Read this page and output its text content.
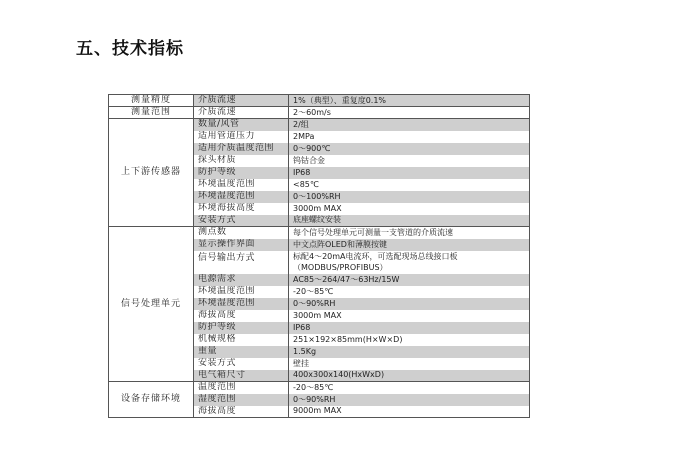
五、技术指标
测量精度	介质流速	1%（典型）、重复度0.1%
测量范围	介质流速	2～60m/s
上下游传感器	数量/风管	2/组
	适用管道压力	2MPa
	适用介质温度范围	0～900℃
	探头材质	钨钴合金
	防护等级	IP68
	环境温度范围	<85℃
	环境湿度范围	0～100%RH
	环境海拔高度	3000m MAX
	安装方式	底座螺纹安装
信号处理单元	测点数	每个信号处理单元可测量一支管道的介质流速
	显示操作界面	中文点阵OLED和薄膜按键
	信号输出方式	标配4～20mA电流环，可选配现场总线接口板
（MODBUS/PROFIBUS）

	电源需求	AC85～264/47～63Hz/15W
	环境温度范围	-20～85℃
	环境湿度范围	0～90%RH
	海拔高度	3000m MAX
	防护等级	IP68
	机械规格	251×192×85mm(H×W×D)
	重量	1.5Kg
	安装方式	壁挂
	电气箱尺寸	400x300x140(HxWxD)
设备存储环境	温度范围	-20～85℃
	湿度范围	0～90%RH
	海拔高度	9000m MAX
